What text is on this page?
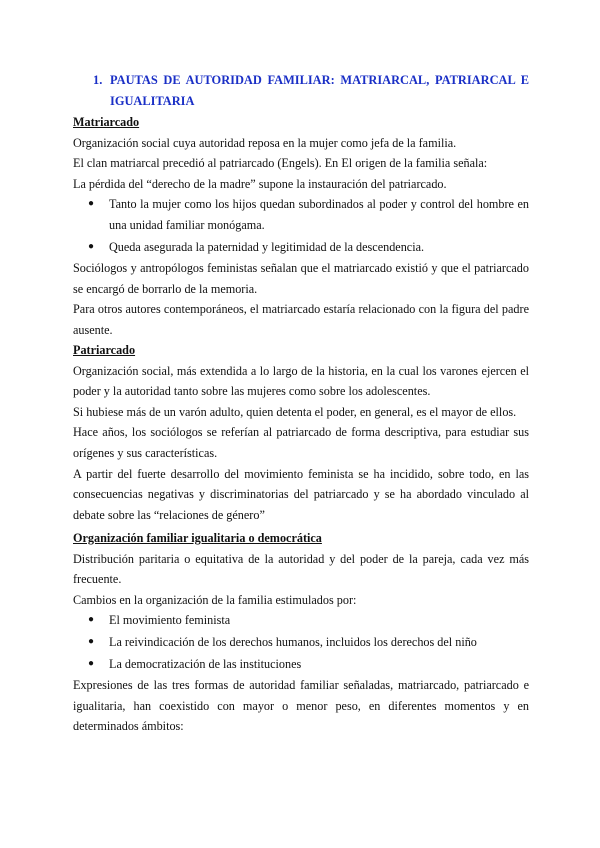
1. PAUTAS DE AUTORIDAD FAMILIAR: MATRIARCAL, PATRIARCAL E IGUALITARIA
Matriarcado

Organización social cuya autoridad reposa en la mujer como jefa de la familia.

El clan matriarcal precedió al patriarcado (Engels). En El origen de la familia señala:

La pérdida del “derecho de la madre” supone la instauración del patriarcado.

● Tanto la mujer como los hijos quedan subordinados al poder y control del hombre en una unidad familiar monógama.
● Queda asegurada la paternidad y legitimidad de la descendencia.

Sociólogos y antropólogos feministas señalan que el matriarcado existió y que el patriarcado se encargó de borrarlo de la memoria.

Para otros autores contemporáneos, el matriarcado estaría relacionado con la figura del padre ausente.

Patriarcado

Organización social, más extendida a lo largo de la historia, en la cual los varones ejercen el poder y la autoridad tanto sobre las mujeres como sobre los adolescentes.

Si hubiese más de un varón adulto, quien detenta el poder, en general, es el mayor de ellos.

Hace años, los sociólogos se referían al patriarcado de forma descriptiva, para estudiar sus orígenes y sus características.

A partir del fuerte desarrollo del movimiento feminista se ha incidido, sobre todo, en las consecuencias negativas y discriminatorias del patriarcado y se ha abordado vinculado al debate sobre las “relaciones de género”

Organización familiar igualitaria o democrática

Distribución paritaria o equitativa de la autoridad y del poder de la pareja, cada vez más frecuente.

Cambios en la organización de la familia estimulados por:

● El movimiento feminista
● La reivindicación de los derechos humanos, incluidos los derechos del niño
● La democratización de las instituciones

Expresiones de las tres formas de autoridad familiar señaladas, matriarcado, patriarcado e igualitaria, han coexistido con mayor o menor peso, en diferentes momentos y en determinados ámbitos:
